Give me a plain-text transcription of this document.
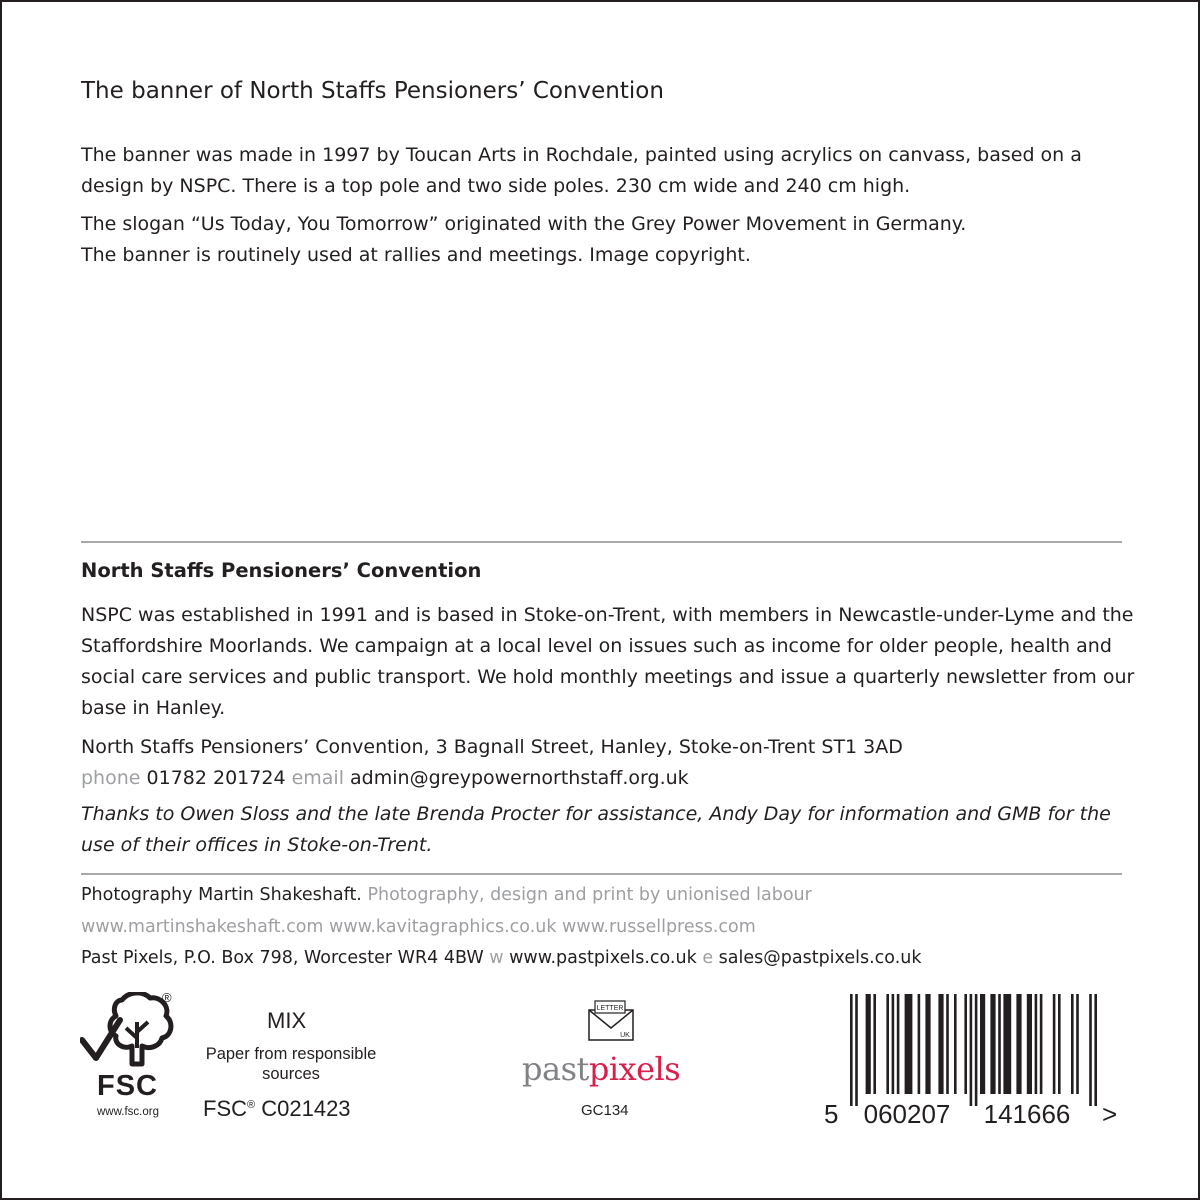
The banner of North Staffs Pensioners’ Convention
The banner was made in 1997 by Toucan Arts in Rochdale, painted using acrylics on canvass, based on a design by NSPC. There is a top pole and two side poles. 230 cm wide and 240 cm high.
The slogan “Us Today, You Tomorrow” originated with the Grey Power Movement in Germany.
The banner is routinely used at rallies and meetings. Image copyright.
North Staffs Pensioners’ Convention
NSPC was established in 1991 and is based in Stoke-on-Trent, with members in Newcastle-under-Lyme and the Staffordshire Moorlands. We campaign at a local level on issues such as income for older people, health and social care services and public transport. We hold monthly meetings and issue a quarterly newsletter from our base in Hanley.
North Staffs Pensioners’ Convention, 3 Bagnall Street, Hanley, Stoke-on-Trent ST1 3AD
phone 01782 201724 email admin@greypowernorthstaff.org.uk
Thanks to Owen Sloss and the late Brenda Procter for assistance, Andy Day for information and GMB for the use of their offices in Stoke-on-Trent.
Photography Martin Shakeshaft. Photography, design and print by unionised labour
www.martinshakeshaft.com www.kavitagraphics.co.uk www.russellpress.com
Past Pixels, P.O. Box 798, Worcester WR4 4BW w www.pastpixels.co.uk e sales@pastpixels.co.uk
®
FSC
www.fsc.org
MIX
Paper from responsible sources
FSC® C021423
LETTER
UK
pastpixels
GC134	5 060207 141666 >
